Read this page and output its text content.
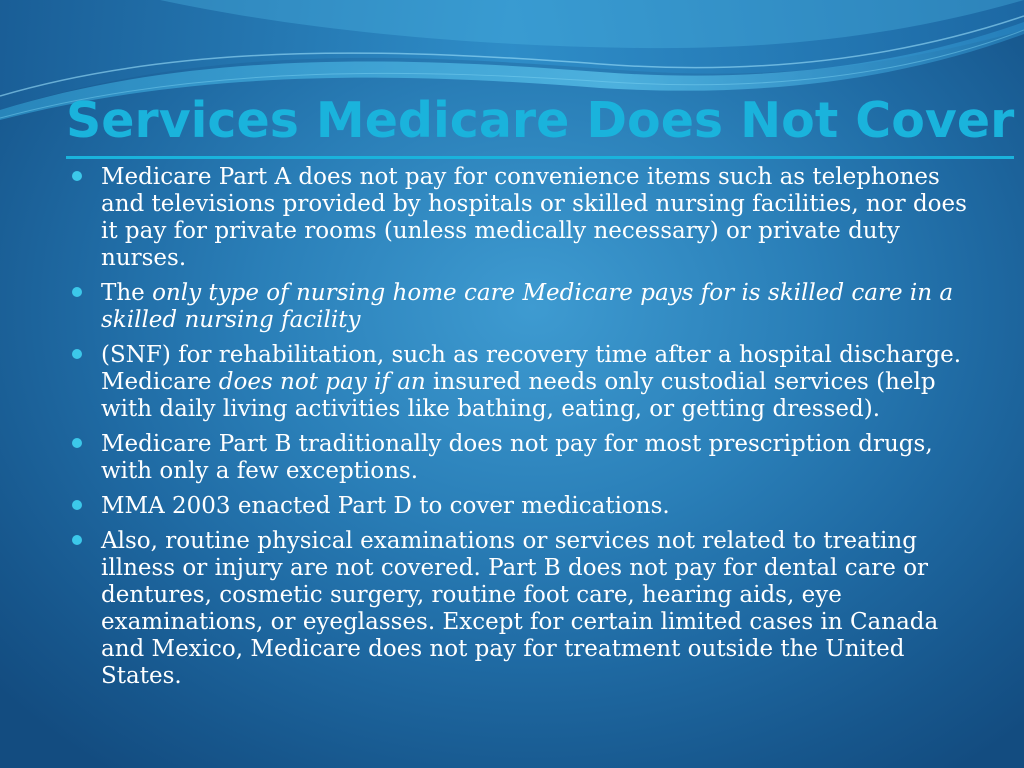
Services Medicare Does Not Cover
Medicare Part A does not pay for convenience items such as telephones and televisions provided by hospitals or skilled nursing facilities, nor does it pay for private rooms (unless medically necessary) or private duty nurses.
The only type of nursing home care Medicare pays for is skilled care in a skilled nursing facility
(SNF) for rehabilitation, such as recovery time after a hospital discharge. Medicare does not pay if an insured needs only custodial services (help with daily living activities like bathing, eating, or getting dressed).
Medicare Part B traditionally does not pay for most prescription drugs, with only a few exceptions.
MMA 2003 enacted Part D to cover medications.
Also, routine physical examinations or services not related to treating illness or injury are not covered. Part B does not pay for dental care or dentures, cosmetic surgery, routine foot care, hearing aids, eye examinations, or eyeglasses. Except for certain limited cases in Canada and Mexico, Medicare does not pay for treatment outside the United States.
